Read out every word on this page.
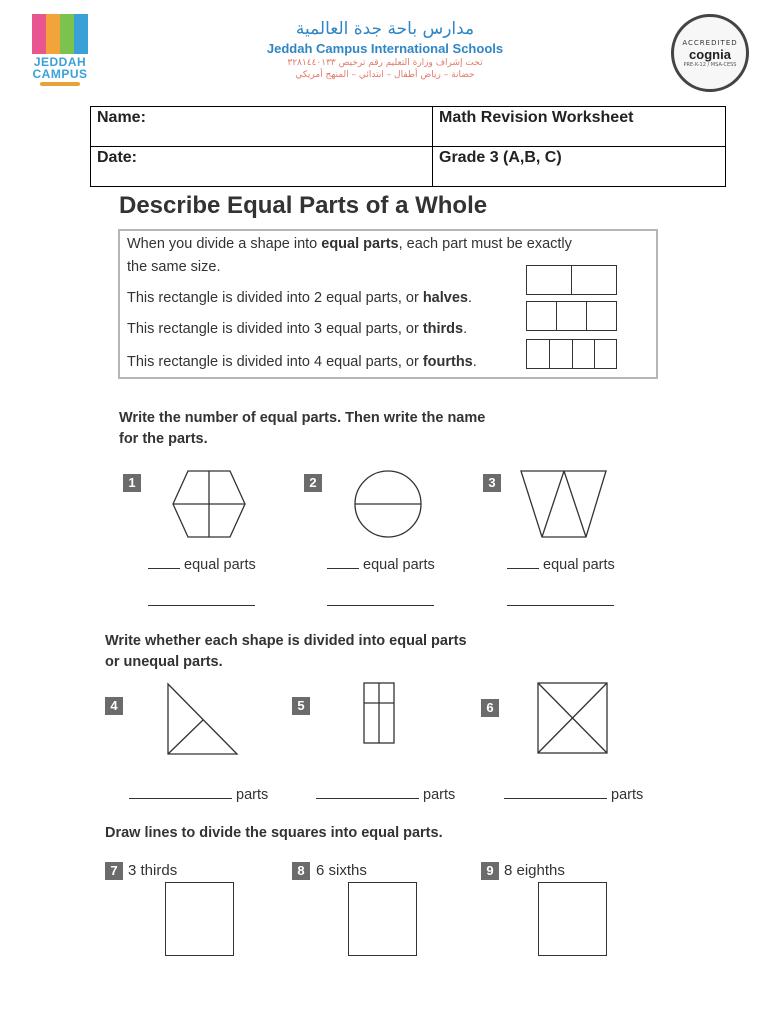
JEDDAH
CAMPUS
مدارس باحة جدة العالمية
Jeddah Campus International Schools
تحت إشراف وزارة التعليم رقم ترخيص ٣٢٨١٤٤٠١٣٣
حضانة – رياض أطفال – ابتدائي – المنهج أمريكي
ACCREDITED
cognia
PRE-K-12 / MSA-CESS
Name:	Math Revision Worksheet
Date:	Grade 3 (A,B, C)
Describe Equal Parts of a Whole
When you divide a shape into equal parts, each part must be exactly
the same size.
This rectangle is divided into 2 equal parts, or halves.
This rectangle is divided into 3 equal parts, or thirds.
This rectangle is divided into 4 equal parts, or fourths.
Write the number of equal parts. Then write the name
for the parts.
1	2	3
equal parts	equal parts	equal parts
Write whether each shape is divided into equal parts
or unequal parts.
4	5	6
parts	parts	parts
Draw lines to divide the squares into equal parts.
7 3 thirds	8 6 sixths	9 8 eighths
